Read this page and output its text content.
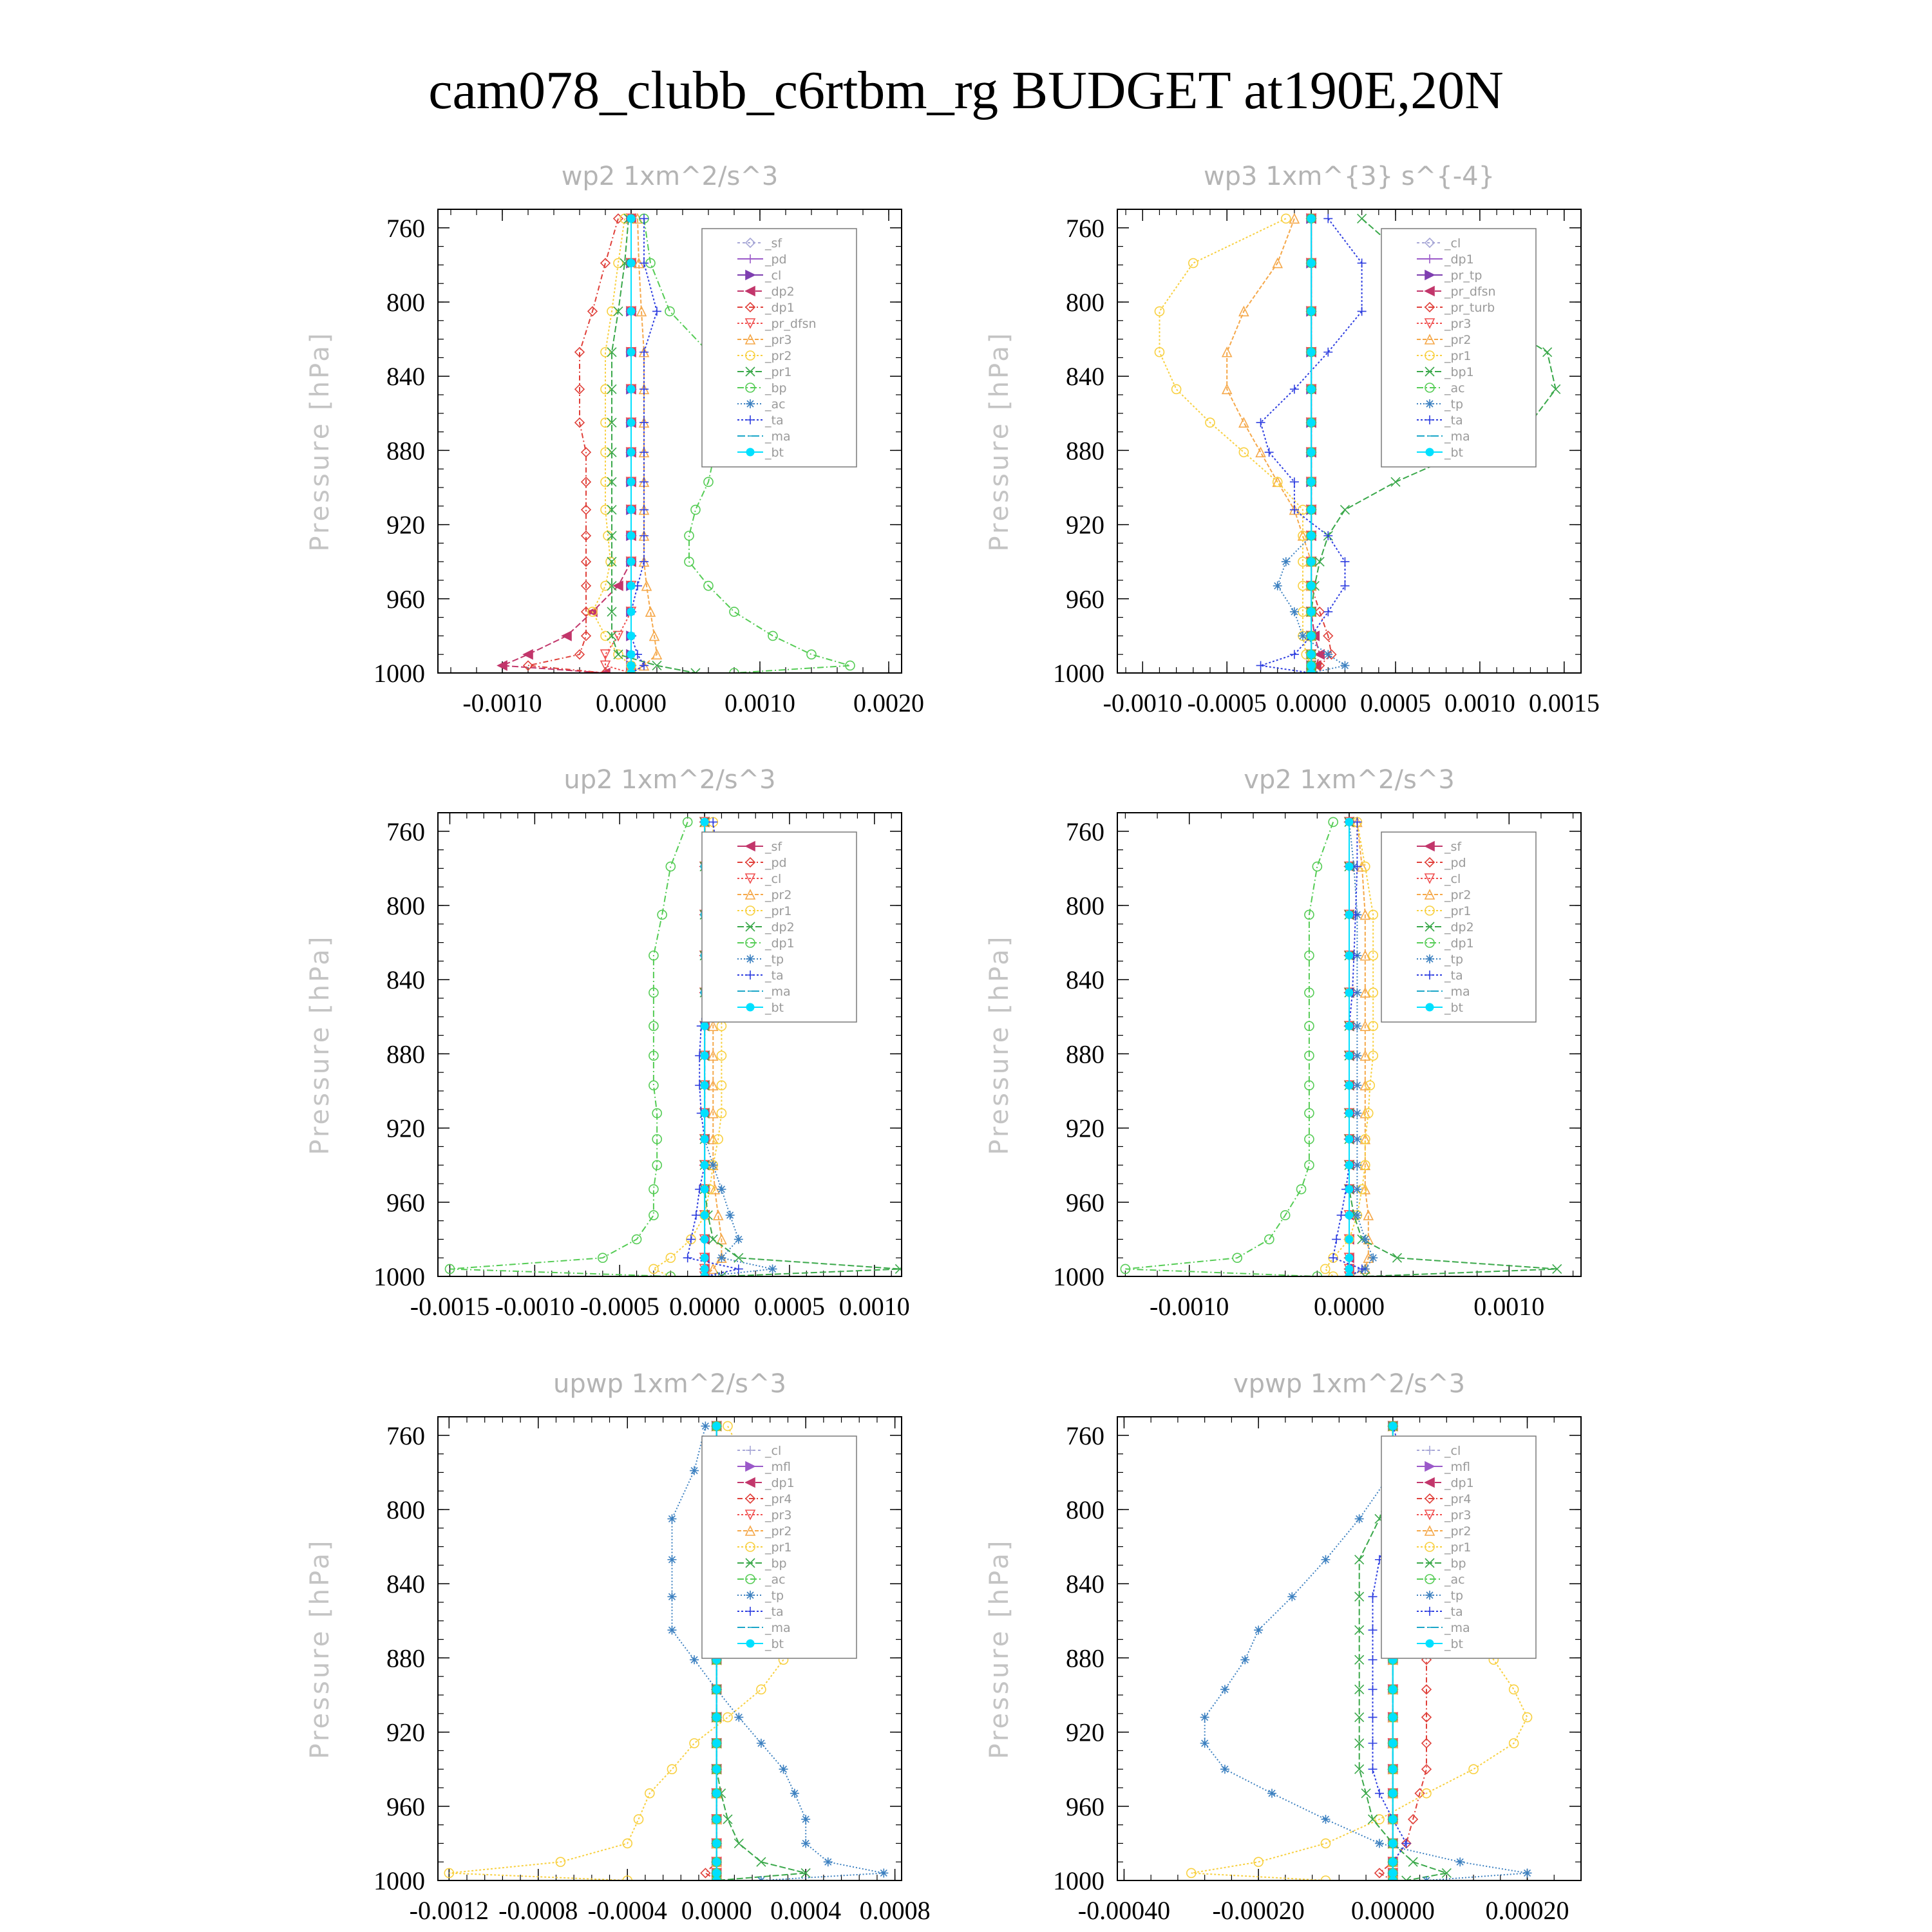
cam078_clubb_c6rtbm_rg BUDGET at190E,20N
wp2 1xm^2/s^3
Pressure [hPa]
760
800
840
880
920
960
1000
-0.0010 0.0000 0.0010 0.0020
_sf
_pd
_cl
_dp2
_dp1
_pr_dfsn
_pr3
_pr2
_pr1
_bp
_ac
_ta
_ma
_bt
wp3 1xm^{3} s^{-4}
Pressure [hPa]
760
800
840
880
920
960
1000
-0.0010 -0.0005 0.0000 0.0005 0.0010 0.0015
_cl
_dp1
_pr_tp
_pr_dfsn
_pr_turb
_pr3
_pr2
_pr1
_bp1
_ac
_tp
_ta
_ma
_bt
up2 1xm^2/s^3
Pressure [hPa]
760
800
840
880
920
960
1000
-0.0015 -0.0010 -0.0005 0.0000 0.0005 0.0010
_sf
_pd
_cl
_pr2
_pr1
_dp2
_dp1
_tp
_ta
_ma
_bt
vp2 1xm^2/s^3
Pressure [hPa]
760
800
840
880
920
960
1000
-0.0010	0.0000	0.0010
_sf
_pd
_cl
_pr2
_pr1
_dp2
_dp1
_tp
_ta
_ma
_bt
upwp 1xm^2/s^3
Pressure [hPa]
760
800
840
880
920
960
1000
-0.0012 -0.0008 -0.0004 0.0000 0.0004 0.0008
_cl
_mfl
_dp1
_pr4
_pr3
_pr2
_pr1
_bp
_ac
_tp
_ta
_ma
_bt
vpwp 1xm^2/s^3
Pressure [hPa]
760
800
840
880
920
960
1000
-0.00040 -0.00020 0.00000 0.00020
_cl
_mfl
_dp1
_pr4
_pr3
_pr2
_pr1
_bp
_ac
_tp
_ta
_ma
_bt
